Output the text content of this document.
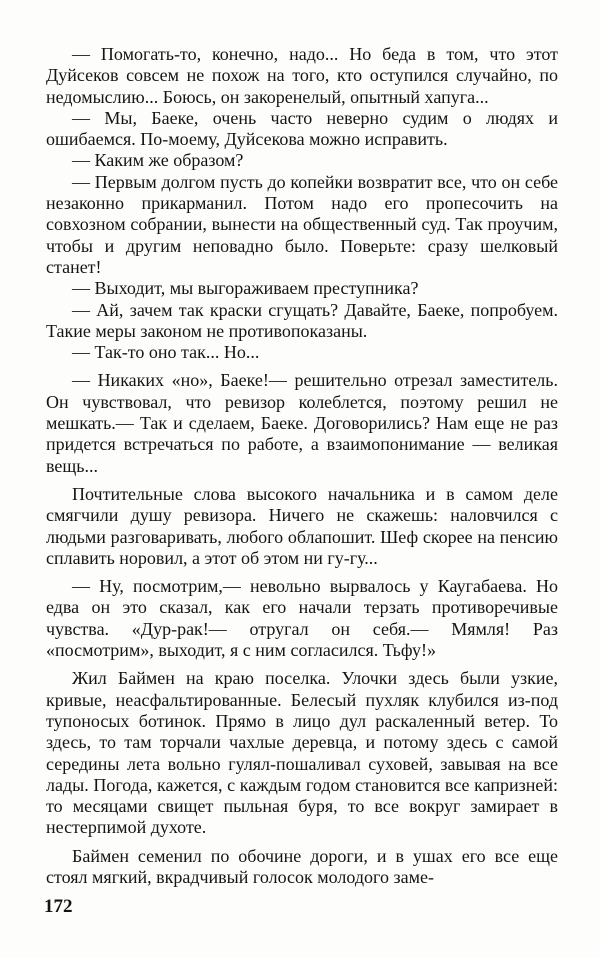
— Помогать-то, конечно, надо... Но беда в том, что этот Дуйсеков совсем не похож на того, кто оступился случайно, по недомыслию... Боюсь, он закоренелый, опытный хапуга...

— Мы, Баеке, очень часто неверно судим о людях и ошибаемся. По-моему, Дуйсекова можно исправить.

— Каким же образом?

— Первым долгом пусть до копейки возвратит все, что он себе незаконно прикарманил. Потом надо его пропесочить на совхозном собрании, вынести на общественный суд. Так проучим, чтобы и другим неповадно было. Поверьте: сразу шелковый станет!

— Выходит, мы выгораживаем преступника?

— Ай, зачем так краски сгущать? Давайте, Баеке, попробуем. Такие меры законом не противопоказаны.

— Так-то оно так... Но...

— Никаких «но», Баеке!— решительно отрезал заместитель. Он чувствовал, что ревизор колеблется, поэтому решил не мешкать.— Так и сделаем, Баеке. Договорились? Нам еще не раз придется встречаться по работе, а взаимопонимание — великая вещь...

Почтительные слова высокого начальника и в самом деле смягчили душу ревизора. Ничего не скажешь: наловчился с людьми разговаривать, любого облапошит. Шеф скорее на пенсию сплавить норовил, а этот об этом ни гу-гу...

— Ну, посмотрим,— невольно вырвалось у Каугабаева. Но едва он это сказал, как его начали терзать противоречивые чувства. «Дур-рак!— отругал он себя.— Мямля! Раз «посмотрим», выходит, я с ним согласился. Тьфу!»

Жил Баймен на краю поселка. Улочки здесь были узкие, кривые, неасфальтированные. Белесый пухляк клубился из-под тупоносых ботинок. Прямо в лицо дул раскаленный ветер. То здесь, то там торчали чахлые деревца, и потому здесь с самой середины лета вольно гулял-пошаливал суховей, завывая на все лады. Погода, кажется, с каждым годом становится все капризней: то месяцами свищет пыльная буря, то все вокруг замирает в нестерпимой духоте.

Баймен семенил по обочине дороги, и в ушах его все еще стоял мягкий, вкрадчивый голосок молодого заме-

172
